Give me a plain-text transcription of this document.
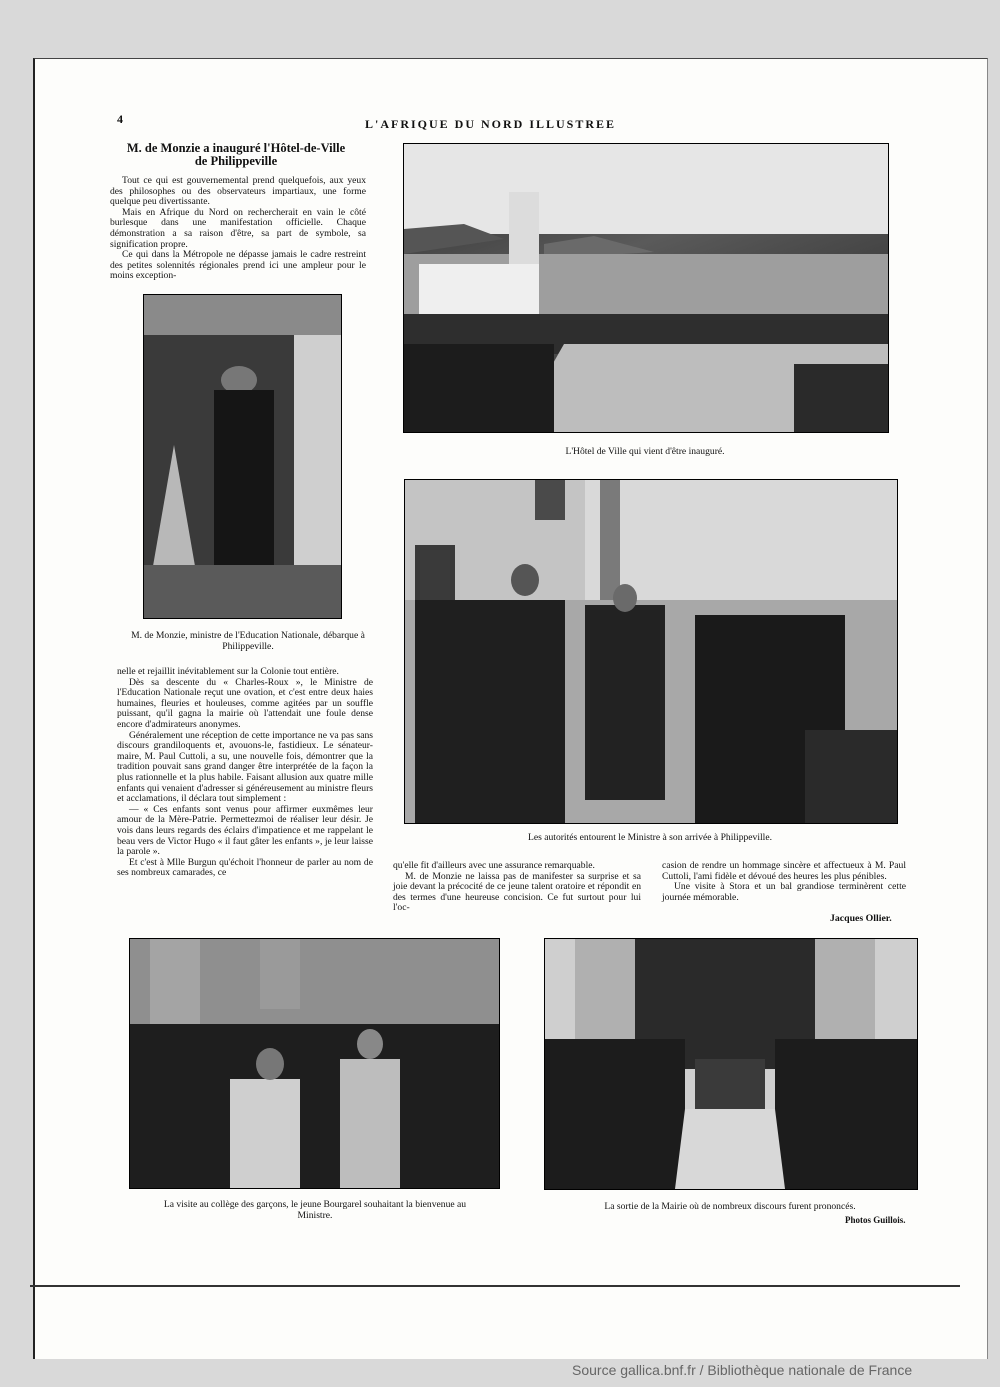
4	L'AFRIQUE DU NORD ILLUSTREE
M. de Monzie a inauguré l'Hôtel-de-Ville
de Philippeville

Tout ce qui est gouvernemental prend quelquefois, aux yeux des philosophes ou des observateurs impartiaux, une forme quelque peu divertissante.

Mais en Afrique du Nord on rechercherait en vain le côté burlesque dans une manifestation officielle. Chaque démonstration a sa raison d'être, sa part de symbole, sa signification propre.

Ce qui dans la Métropole ne dépasse jamais le cadre restreint des petites solennités régionales prend ici une ampleur pour le moins exception-

M. de Monzie, ministre de l'Education Nationale, débarque à Philippeville.

nelle et rejaillit inévitablement sur la Colonie tout entière.

Dès sa descente du « Charles-Roux », le Ministre de l'Education Nationale reçut une ovation, et c'est entre deux haies humaines, fleuries et houleuses, comme agitées par un souffle puissant, qu'il gagna la mairie où l'attendait une foule dense encore d'admirateurs anonymes.

Généralement une réception de cette importance ne va pas sans discours grandiloquents et, avouons-le, fastidieux. Le sénateur-maire, M. Paul Cuttoli, a su, une nouvelle fois, démontrer que la tradition pouvait sans grand danger être interprétée de la façon la plus rationnelle et la plus habile. Faisant allusion aux quatre mille enfants qui venaient d'adresser si généreusement au ministre fleurs et acclamations, il déclara tout simplement :

— « Ces enfants sont venus pour affirmer euxmêmes leur amour de la Mère-Patrie. Permettezmoi de réaliser leur désir. Je vois dans leurs regards des éclairs d'impatience et me rappelant le beau vers de Victor Hugo « il faut gâter les enfants », je leur laisse la parole ».

Et c'est à Mlle Burgun qu'échoit l'honneur de parler au nom de ses nombreux camarades, ce

L'Hôtel de Ville qui vient d'être inauguré.
Les autorités entourent le Ministre à son arrivée à Philippeville.

qu'elle fit d'ailleurs avec une assurance remarquable.

M. de Monzie ne laissa pas de manifester sa surprise et sa joie devant la précocité de ce jeune talent oratoire et répondit en des termes d'une heureuse concision. Ce fut surtout pour lui l'oc-

casion de rendre un hommage sincère et affectueux à M. Paul Cuttoli, l'ami fidèle et dévoué des heures les plus pénibles.

Une visite à Stora et un bal grandiose terminèrent cette journée mémorable.

Jacques Ollier.
La visite au collège des garçons, le jeune Bourgarel souhaitant la bienvenue au Ministre.
La sortie de la Mairie où de nombreux discours furent prononcés.
Photos Guillois.
Source gallica.bnf.fr / Bibliothèque nationale de France
